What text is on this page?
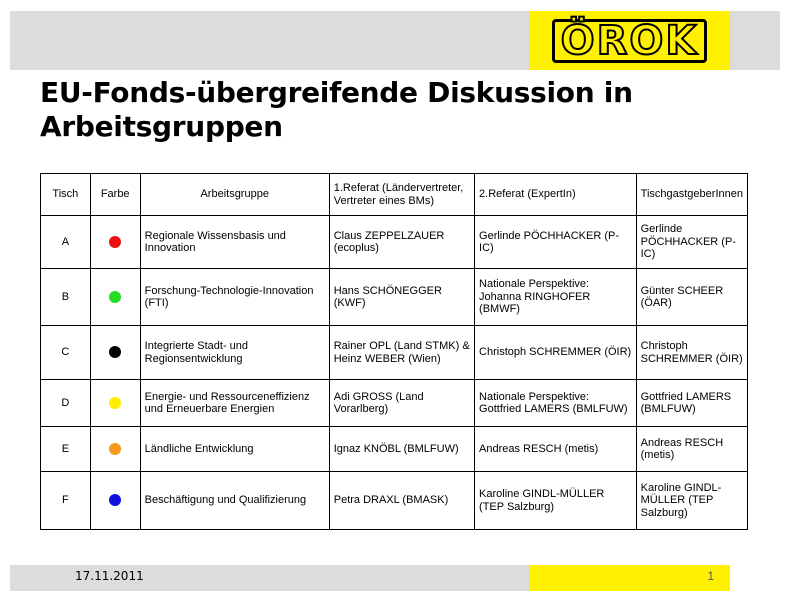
ÖROK
EU-Fonds-übergreifende Diskussion in Arbeitsgruppen
Tisch	Farbe	Arbeitsgruppe	1.Referat (Ländervertreter, Vertreter eines BMs)	2.Referat (ExpertIn)	TischgastgeberInnen
A		Regionale Wissensbasis und Innovation	Claus ZEPPELZAUER (ecoplus)	Gerlinde PÖCHHACKER (P-IC)	Gerlinde PÖCHHACKER (P-IC)
B		Forschung-Technologie-Innovation (FTI)	Hans SCHÖNEGGER (KWF)	Nationale Perspektive: Johanna RINGHOFER (BMWF)	Günter SCHEER (ÖAR)
C		Integrierte Stadt- und Regionsentwicklung	Rainer OPL (Land STMK) & Heinz WEBER (Wien)	Christoph SCHREMMER (ÖIR)	Christoph SCHREMMER (ÖIR)
D		Energie- und Ressourceneffizienz und Erneuerbare Energien	Adi GROSS (Land Vorarlberg)	Nationale Perspektive: Gottfried LAMERS (BMLFUW)	Gottfried LAMERS (BMLFUW)
E		Ländliche Entwicklung	Ignaz KNÖBL (BMLFUW)	Andreas RESCH (metis)	Andreas RESCH (metis)
F		Beschäftigung und Qualifizierung	Petra DRAXL (BMASK)	Karoline GINDL-MÜLLER (TEP Salzburg)	Karoline GINDL-MÜLLER (TEP Salzburg)
17.11.2011	1
